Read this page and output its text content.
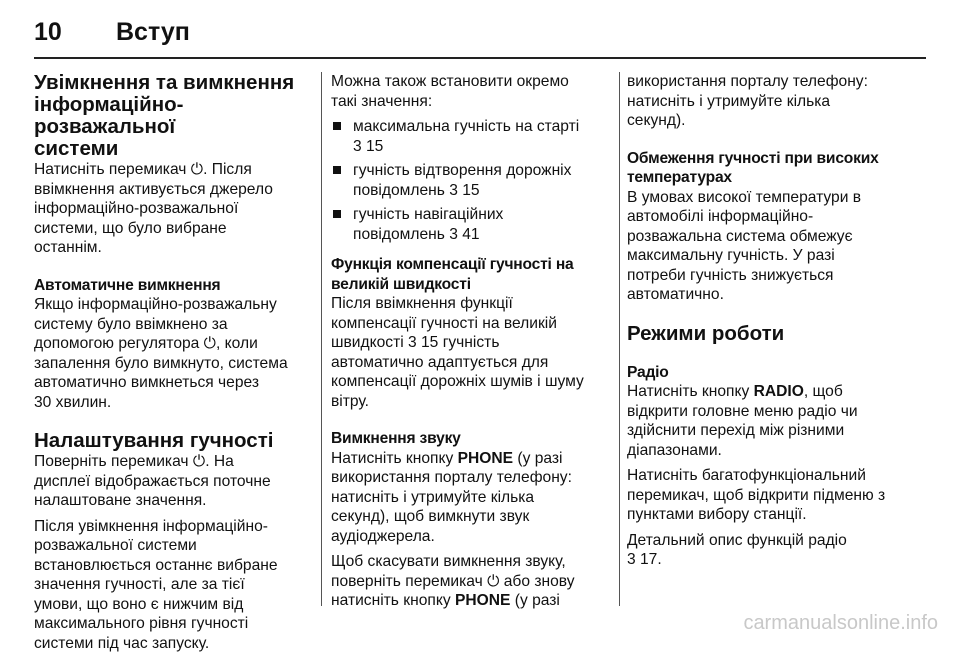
10 Вступ
Увімкнення та вимкнення
інформаційно-розважальної
системи

Натисніть перемикач ⏻. Після
ввімкнення активується джерело
інформаційно-розважальної
системи, що було вибране
останнім.

Автоматичне вимкнення

Якщо інформаційно-розважальну
систему було ввімкнено за
допомогою регулятора ⏻, коли
запалення було вимкнуто, система
автоматично вимкнеться через
30 хвилин.

Налаштування гучності

Поверніть перемикач ⏻. На
дисплеї відображається поточне
налаштоване значення.

Після увімкнення інформаційно-
розважальної системи
встановлюється останнє вибране
значення гучності, але за тієї
умови, що воно є нижчим від
максимального рівня гучності
системи під час запуску.

Можна також встановити окремо
такі значення:

максимальна гучність на старті
3 15
гучність відтворення дорожніх
повідомлень 3 15
гучність навігаційних
повідомлень 3 41
Функція компенсації гучності на
великій швидкості

Після ввімкнення функції
компенсації гучності на великій
швидкості 3 15 гучність
автоматично адаптується для
компенсації дорожніх шумів і шуму
вітру.

Вимкнення звуку

Натисніть кнопку PHONE (у разі
використання порталу телефону:
натисніть і утримуйте кілька
секунд), щоб вимкнути звук
аудіоджерела.

Щоб скасувати вимкнення звуку,
поверніть перемикач ⏻ або знову
натисніть кнопку PHONE (у разі

використання порталу телефону:
натисніть і утримуйте кілька
секунд).

Обмеження гучності при високих
температурах

В умовах високої температури в
автомобілі інформаційно-
розважальна система обмежує
максимальну гучність. У разі
потреби гучність знижується
автоматично.

Режими роботи
Радіо

Натисніть кнопку RADIO, щоб
відкрити головне меню радіо чи
здійснити перехід між різними
діапазонами.

Натисніть багатофункціональний
перемикач, щоб відкрити підменю з
пунктами вибору станції.

Детальний опис функцій радіо
3 17.

carmanualsonline.info
